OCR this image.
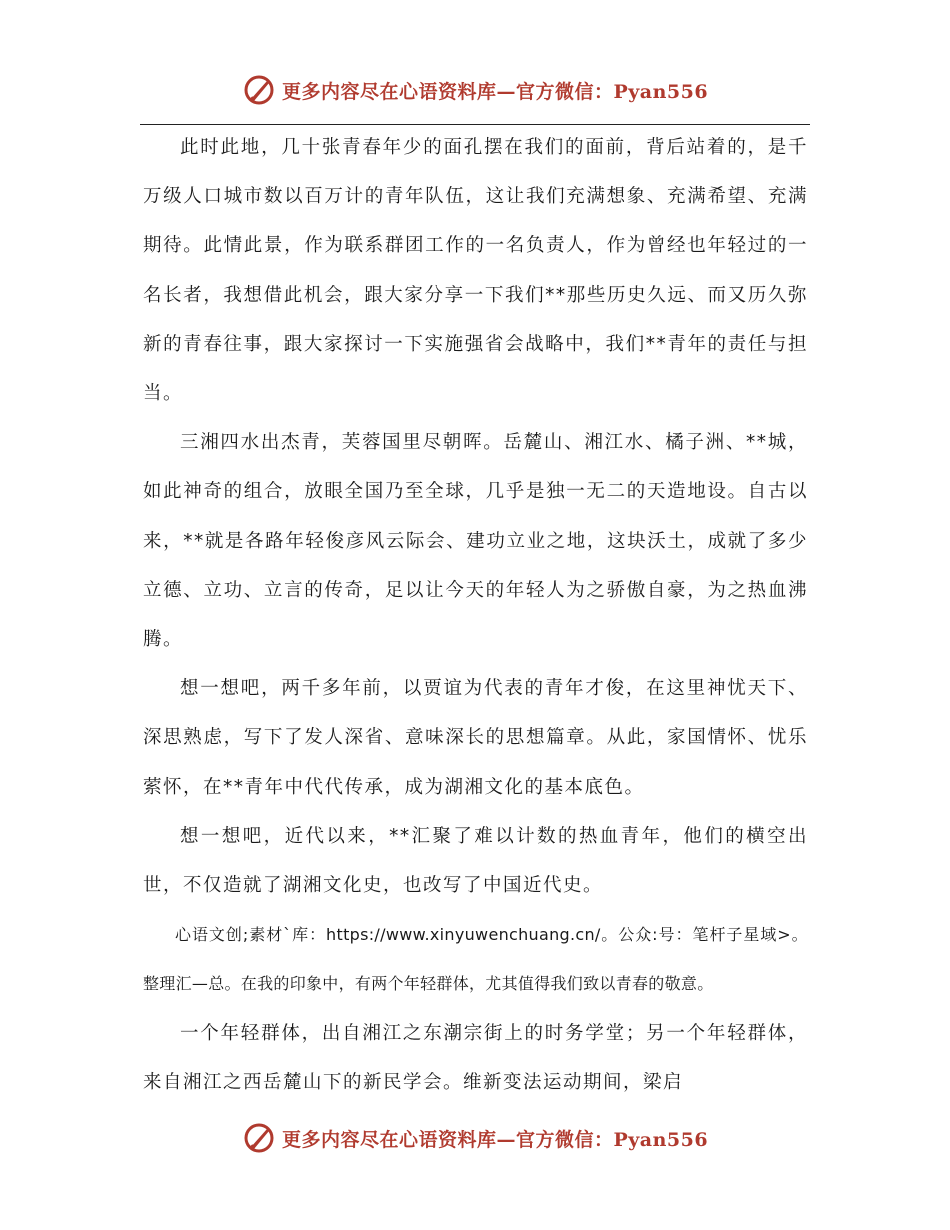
更多内容尽在心语资料库—官方微信：Pyan556

此时此地，几十张青春年少的面孔摆在我们的面前，背后站着的，是千万级人口城市数以百万计的青年队伍，这让我们充满想象、充满希望、充满期待。此情此景，作为联系群团工作的一名负责人，作为曾经也年轻过的一名长者，我想借此机会，跟大家分享一下我们**那些历史久远、而又历久弥新的青春往事，跟大家探讨一下实施强省会战略中，我们**青年的责任与担当。

三湘四水出杰青，芙蓉国里尽朝晖。岳麓山、湘江水、橘子洲、**城，如此神奇的组合，放眼全国乃至全球，几乎是独一无二的天造地设。自古以来，**就是各路年轻俊彦风云际会、建功立业之地，这块沃土，成就了多少立德、立功、立言的传奇，足以让今天的年轻人为之骄傲自豪，为之热血沸腾。

想一想吧，两千多年前，以贾谊为代表的青年才俊，在这里神忧天下、深思熟虑，写下了发人深省、意味深长的思想篇章。从此，家国情怀、忧乐萦怀，在**青年中代代传承，成为湖湘文化的基本底色。

想一想吧，近代以来，**汇聚了难以计数的热血青年，他们的横空出世，不仅造就了湖湘文化史，也改写了中国近代史。

心语文创;素材`库：https://www.xinyuwenchuang.cn/。公众:号：笔杆子星域>。整理汇—总。在我的印象中，有两个年轻群体，尤其值得我们致以青春的敬意。

一个年轻群体，出自湘江之东潮宗街上的时务学堂；另一个年轻群体，来自湘江之西岳麓山下的新民学会。维新变法运动期间，梁启

更多内容尽在心语资料库—官方微信：Pyan556
